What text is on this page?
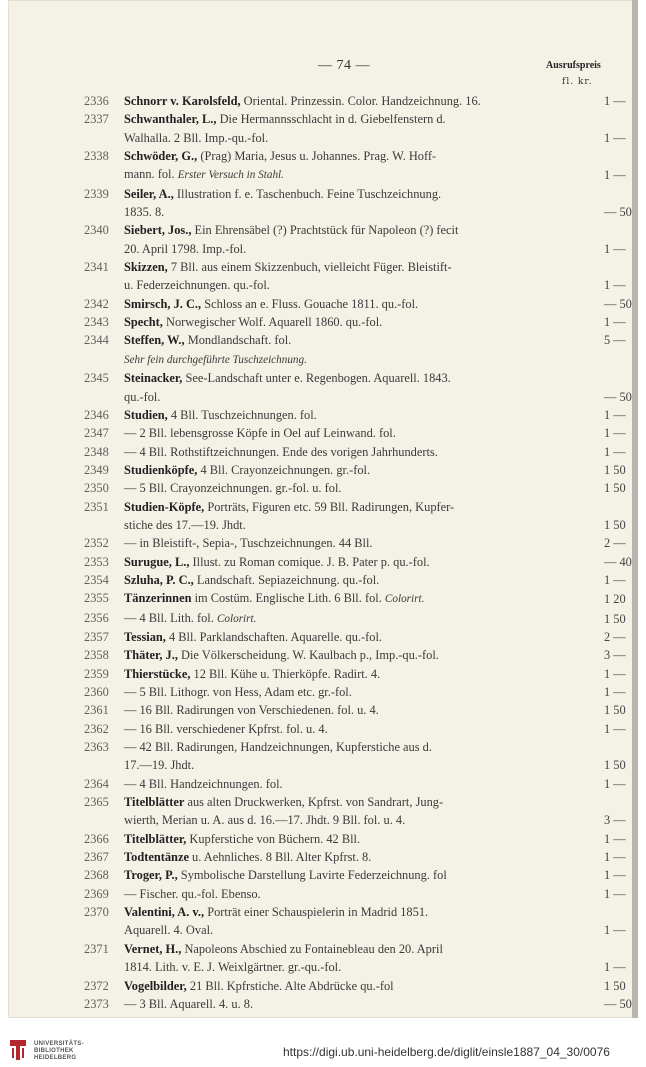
— 74 —	Ausrufspreis
fl. kr.
2336	Schnorr v. Karolsfeld, Oriental. Prinzessin. Color. Handzeichnung. 16.	1 —
2337	Schwanthaler, L., Die Hermannsschlacht in d. Giebelfenstern d.
Walhalla. 2 Bll. Imp.-qu.-fol.	1 —
2338	Schwöder, G., (Prag) Maria, Jesus u. Johannes. Prag. W. Hoff-
mann. fol. Erster Versuch in Stahl.	1 —
2339	Seiler, A., Illustration f. e. Taschenbuch. Feine Tuschzeichnung.
1835. 8.	— 50
2340	Siebert, Jos., Ein Ehrensäbel (?) Prachtstück für Napoleon (?) fecit
20. April 1798. Imp.-fol.	1 —
2341	Skizzen, 7 Bll. aus einem Skizzenbuch, vielleicht Füger. Bleistift-
u. Federzeichnungen. qu.-fol.	1 —
2342	Smirsch, J. C., Schloss an e. Fluss. Gouache 1811. qu.-fol.	— 50
2343	Specht, Norwegischer Wolf. Aquarell 1860. qu.-fol.	1 —
2344	Steffen, W., Mondlandschaft. fol.	5 —
Sehr fein durchgeführte Tuschzeichnung.
2345	Steinacker, See-Landschaft unter e. Regenbogen. Aquarell. 1843.
qu.-fol.	— 50
2346	Studien, 4 Bll. Tuschzeichnungen. fol.	1 —
2347	— 2 Bll. lebensgrosse Köpfe in Oel auf Leinwand. fol.	1 —
2348	— 4 Bll. Rothstiftzeichnungen. Ende des vorigen Jahrhunderts.	1 —
2349	Studienköpfe, 4 Bll. Crayonzeichnungen. gr.-fol.	1 50
2350	— 5 Bll. Crayonzeichnungen. gr.-fol. u. fol.	1 50
2351	Studien-Köpfe, Porträts, Figuren etc. 59 Bll. Radirungen, Kupfer-
stiche des 17.—19. Jhdt.	1 50
2352	— in Bleistift-, Sepia-, Tuschzeichnungen. 44 Bll.	2 —
2353	Surugue, L., Illust. zu Roman comique. J. B. Pater p. qu.-fol.	— 40
2354	Szluha, P. C., Landschaft. Sepiazeichnung. qu.-fol.	1 —
2355	Tänzerinnen im Costüm. Englische Lith. 6 Bll. fol. Colorirt.	1 20
2356	— 4 Bll. Lith. fol. Colorirt.	1 50
2357	Tessian, 4 Bll. Parklandschaften. Aquarelle. qu.-fol.	2 —
2358	Thäter, J., Die Völkerscheidung. W. Kaulbach p., Imp.-qu.-fol.	3 —
2359	Thierstücke, 12 Bll. Kühe u. Thierköpfe. Radirt. 4.	1 —
2360	— 5 Bll. Lithogr. von Hess, Adam etc. gr.-fol.	1 —
2361	— 16 Bll. Radirungen von Verschiedenen. fol. u. 4.	1 50
2362	— 16 Bll. verschiedener Kpfrst. fol. u. 4.	1 —
2363	— 42 Bll. Radirungen, Handzeichnungen, Kupferstiche aus d.
17.—19. Jhdt.	1 50
2364	— 4 Bll. Handzeichnungen. fol.	1 —
2365	Titelblätter aus alten Druckwerken, Kpfrst. von Sandrart, Jung-
wierth, Merian u. A. aus d. 16.—17. Jhdt. 9 Bll. fol. u. 4.	3 —
2366	Titelblätter, Kupferstiche von Büchern. 42 Bll.	1 —
2367	Todtentänze u. Aehnliches. 8 Bll. Alter Kpfrst. 8.	1 —
2368	Troger, P., Symbolische Darstellung Lavirte Federzeichnung. fol	1 —
2369	— Fischer. qu.-fol. Ebenso.	1 —
2370	Valentini, A. v., Porträt einer Schauspielerin in Madrid 1851.
Aquarell. 4. Oval.	1 —
2371	Vernet, H., Napoleons Abschied zu Fontainebleau den 20. April
1814. Lith. v. E. J. Weixlgärtner. gr.-qu.-fol.	1 —
2372	Vogelbilder, 21 Bll. Kpfrstiche. Alte Abdrücke qu.-fol	1 50
2373	— 3 Bll. Aquarell. 4. u. 8.	— 50
UNIVERSITÄTS-
BIBLIOTHEK
HEIDELBERG	https://digi.ub.uni-heidelberg.de/diglit/einsle1887_04_30/0076
